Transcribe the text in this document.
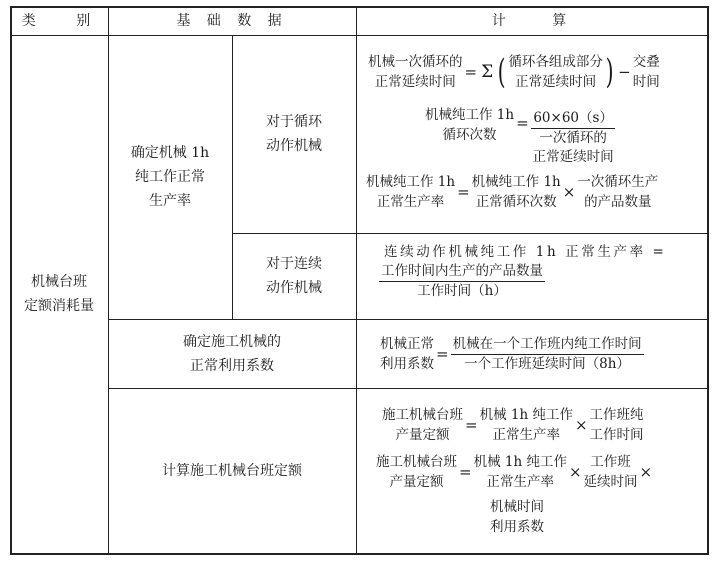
类 别	基 础 数 据	计 算
机械台班
定额消耗量
确定机械 1h
纯工作正常
生产率
对于循环
动作机械
对于连续
动作机械
确定施工机械的
正常利用系数
计算施工机械台班定额
机械一次循环的
正常延续时间
= Σ ( 循环各组成部分
正常延续时间 ) −
交叠
时间
机械纯工作 1h
循环次数
= 60×60（s）
一次循环的
正常延续时间
机械纯工作 1h
正常生产率
=
机械纯工作 1h
正常循环次数
×
一次循环生产
的产品数量
连续动作机械纯工作 1h 正常生产率 =
工作时间内生产的产品数量
工作时间（h）
机械正常
利用系数
= $\frac{\text{机械在一个工作班内纯工作时间}}{\text{一个工作班延续时间（8h）}}$
施工机械台班
产量定额
=
机械 1h 纯工作
正常生产率
×
工作班纯
工作时间
施工机械台班
产量定额
=
机械 1h 纯工作
正常生产率
×
工作班
延续时间
×
机械时间
利用系数
